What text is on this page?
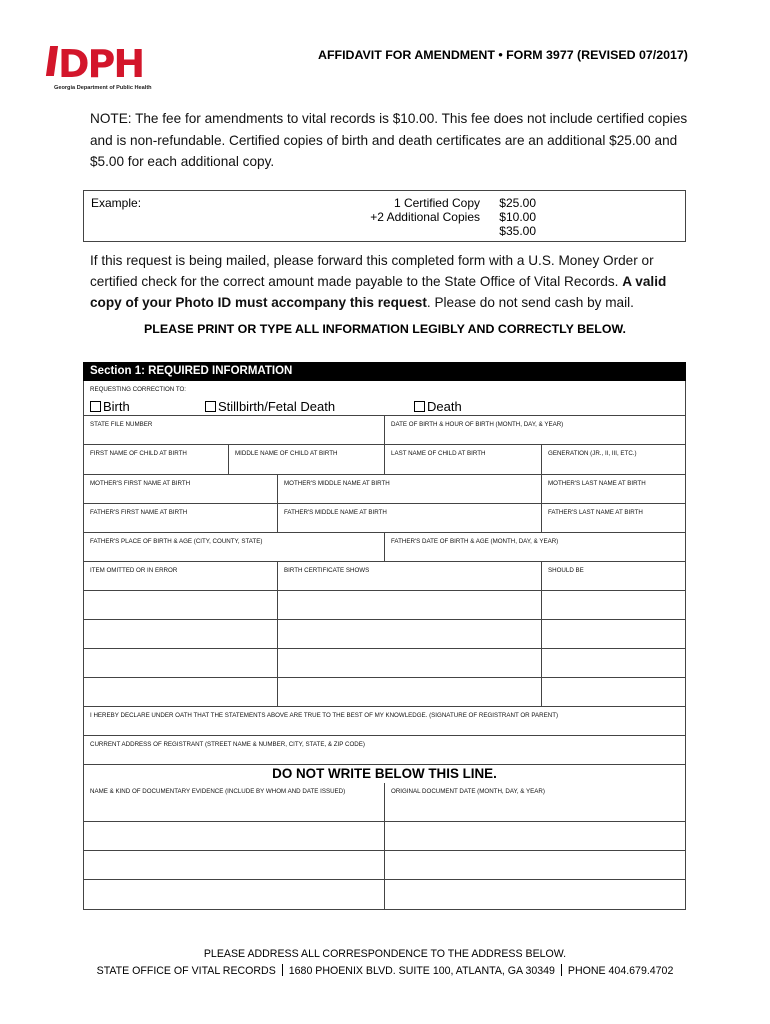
DPH
Georgia Department of Public Health
AFFIDAVIT FOR AMENDMENT • FORM 3977 (REVISED 07/2017)
NOTE: The fee for amendments to vital records is $10.00. This fee does not include certified copies and is non-refundable. Certified copies of birth and death certificates are an additional $25.00 and $5.00 for each additional copy.
Example:	1 Certified Copy	$25.00
+2 Additional Copies	$10.00
$35.00
If this request is being mailed, please forward this completed form with a U.S. Money Order or certified check for the correct amount made payable to the State Office of Vital Records. A valid copy of your Photo ID must accompany this request. Please do not send cash by mail.
PLEASE PRINT OR TYPE ALL INFORMATION LEGIBLY AND CORRECTLY BELOW.
Section 1: REQUIRED INFORMATION
REQUESTING CORRECTION TO:
Birth	Stillbirth/Fetal Death	Death
STATE FILE NUMBER	DATE OF BIRTH & HOUR OF BIRTH (MONTH, DAY, & YEAR)
FIRST NAME OF CHILD AT BIRTH	MIDDLE NAME OF CHILD AT BIRTH	LAST NAME OF CHILD AT BIRTH	GENERATION (JR., II, III, ETC.)
MOTHER'S FIRST NAME AT BIRTH	MOTHER'S MIDDLE NAME AT BIRTH	MOTHER'S LAST NAME AT BIRTH
FATHER'S FIRST NAME AT BIRTH	FATHER'S MIDDLE NAME AT BIRTH	FATHER'S LAST NAME AT BIRTH
FATHER'S PLACE OF BIRTH & AGE (CITY, COUNTY, STATE)	FATHER'S DATE OF BIRTH & AGE (MONTH, DAY, & YEAR)
ITEM OMITTED OR IN ERROR	BIRTH CERTIFICATE SHOWS	SHOULD BE
I HEREBY DECLARE UNDER OATH THAT THE STATEMENTS ABOVE ARE TRUE TO THE BEST OF MY KNOWLEDGE. (SIGNATURE OF REGISTRANT OR PARENT)
CURRENT ADDRESS OF REGISTRANT (STREET NAME & NUMBER, CITY, STATE, & ZIP CODE)
NAME & KIND OF DOCUMENTARY EVIDENCE (INCLUDE BY WHOM AND DATE ISSUED)	ORIGINAL DOCUMENT DATE (MONTH, DAY, & YEAR)
DO NOT WRITE BELOW THIS LINE.
PLEASE ADDRESS ALL CORRESPONDENCE TO THE ADDRESS BELOW.
STATE OFFICE OF VITAL RECORDS 1680 PHOENIX BLVD. SUITE 100, ATLANTA, GA 30349 PHONE 404.679.4702
